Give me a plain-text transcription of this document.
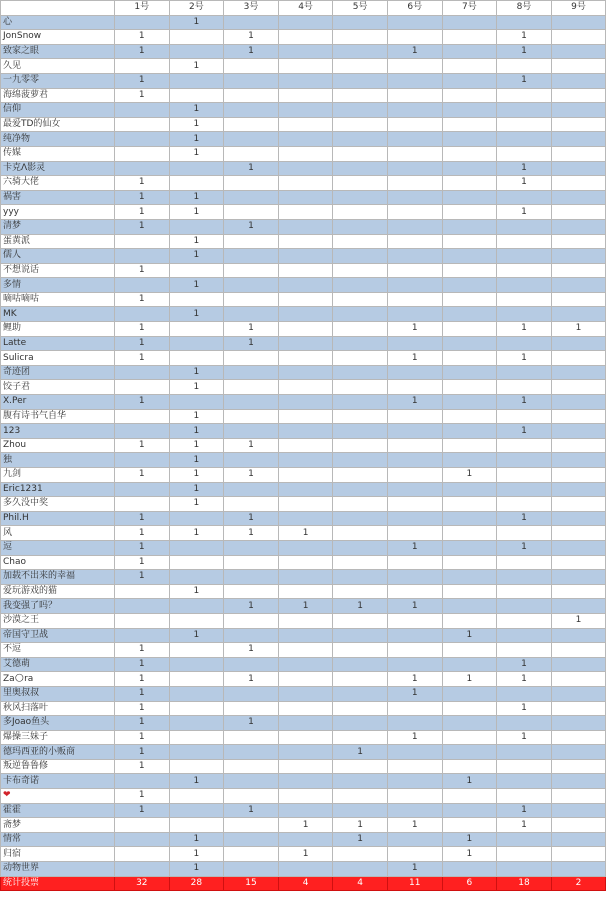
	1号	2号	3号	4号	5号	6号	7号	8号	9号
心		1							
JonSnow	1		1					1	
致家之眼	1		1			1		1	
久见		1							
一九零零	1							1	
海绵菠萝君	1								
信仰		1							
最爱TD的仙女		1							
纯净物		1							
传媒		1							
卡克Λ影灵			1					1	
六骑大佬	1							1	
祸害	1	1							
yyy	1	1						1	
清梦	1		1						
蛋黄派		1							
儒人		1							
不想说话	1								
多情		1							
嘀咕嘀咕	1								
MK		1							
鲤助	1		1			1		1	1
Latte	1		1						
Sulicra	1					1		1	
奇迹团		1							
饺子君		1							
X.Per	1					1		1	
腹有诗书气自华		1							
123		1						1	
Zhou	1	1	1						
独		1							
九剑	1	1	1				1		
Eric1231		1							
多久没中奖		1							
Phil.H	1		1					1	
风	1	1	1	1					
逗	1					1		1	
Chao	1								
加载不出来的幸福	1								
爱玩游戏的猫		1							
我变强了吗？			1	1	1	1			
沙漠之王									1
帝国守卫战		1					1		
不逗	1		1						
艾德萌	1							1	
Za🌕ra	1		1			1	1	1	
里奥叔叔	1					1			
秋风扫落叶	1							1	
多Joao鱼头	1		1						
爆操三妹子	1					1		1	
德玛西亚的小贩商	1				1				
叛逆鲁鲁修	1								
卡布奇诺		1					1		
❤	1								
霍霍	1		1					1	
斋梦				1	1	1		1	
情常		1			1		1		
归宿		1		1			1		
动物世界		1				1			
统计投票	32	28	15	4	4	11	6	18	2
